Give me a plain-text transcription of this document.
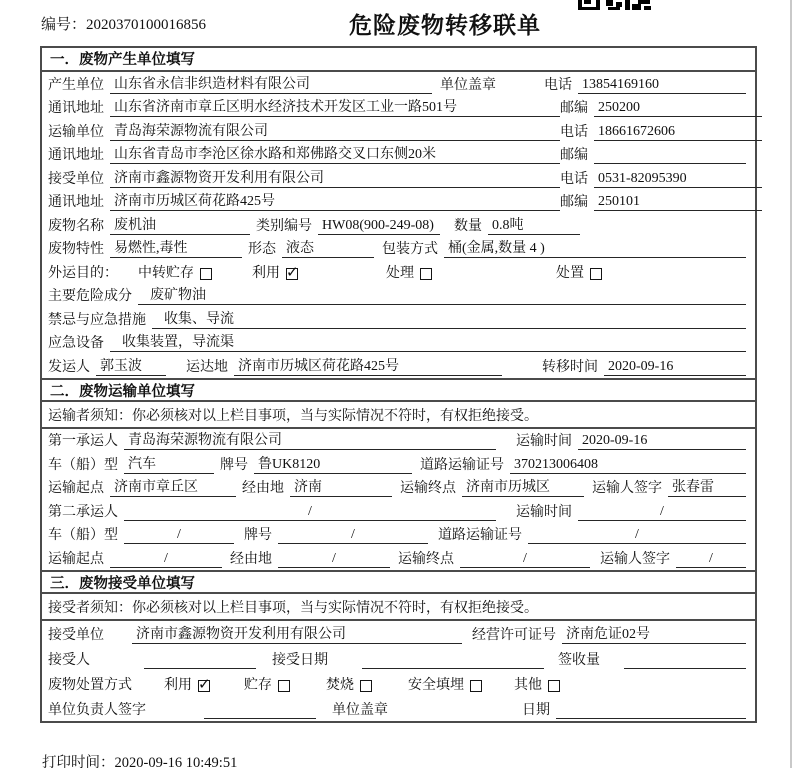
编号：2020370100016856	危险废物转移联单
一．废物产生单位填写
产生单位 山东省永信非织造材料有限公司	单位盖章	电话 13854169160
通讯地址 山东省济南市章丘区明水经济技术开发区工业一路501号	邮编 250200
运输单位 青岛海荣源物流有限公司	电话 18661672606
通讯地址 山东省青岛市李沧区徐水路和郑佛路交叉口东侧20米	邮编
接受单位 济南市鑫源物资开发利用有限公司	电话 0531-82095390
通讯地址 济南市历城区荷花路425号	邮编 250101
废物名称 废机油	类别编号 HW08(900-249-08)	数量 0.8吨
废物特性 易燃性,毒性	形态 液态	包装方式 桶(金属,数量 4 )
外运目的： 中转贮存	利用 ✓	处理	处置
主要危险成分	废矿物油
禁忌与应急措施	收集、导流
应急设备	收集装置，导流渠
发运人 郭玉波	运达地 济南市历城区荷花路425号	转移时间 2020-09-16
二．废物运输单位填写
运输者须知：你必须核对以上栏目事项，当与实际情况不符时，有权拒绝接受。
第一承运人 青岛海荣源物流有限公司	运输时间 2020-09-16
车（船）型 汽车	牌号 鲁UK8120	道路运输证号 370213006408
运输起点 济南市章丘区	经由地 济南	运输终点 济南市历城区	运输人签字 张春雷
第二承运人	/	运输时间	/
车（船）型	/	牌号	/	道路运输证号	/
运输起点	/	经由地	/	运输终点	/	运输人签字	/
三．废物接受单位填写
接受者须知：你必须核对以上栏目事项，当与实际情况不符时，有权拒绝接受。
接受单位 济南市鑫源物资开发利用有限公司	经营许可证号 济南危证02号
接受人	接受日期	签收量
废物处置方式 利用 ✓	贮存	焚烧	安全填埋	其他
单位负责人签字	单位盖章	日期
打印时间：2020-09-16 10:49:51
